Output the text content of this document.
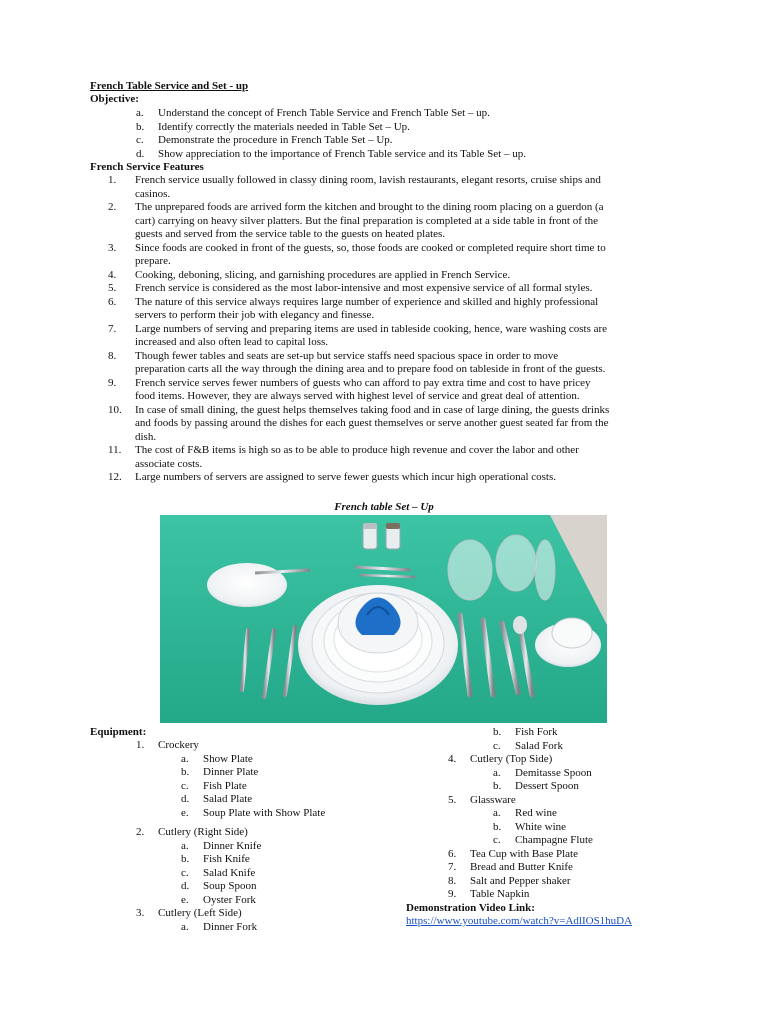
French Table Service and Set - up
Objective:
a.	Understand the concept of French Table Service and French Table Set – up.
b.	Identify correctly the materials needed in Table Set – Up.
c.	Demonstrate the procedure in French Table Set – Up.
d.	Show appreciation to the importance of French Table service and its Table Set – up.
French Service Features
1.	French service usually followed in classy dining room, lavish restaurants, elegant resorts, cruise ships and
casinos.
2.	The unprepared foods are arrived form the kitchen and brought to the dining room placing on a guerdon (a
cart) carrying on heavy silver platters. But the final preparation is completed at a side table in front of the
guests and served from the service table to the guests on heated plates.
3.	Since foods are cooked in front of the guests, so, those foods are cooked or completed require short time to
prepare.
4.	Cooking, deboning, slicing, and garnishing procedures are applied in French Service.
5.	French service is considered as the most labor-intensive and most expensive service of all formal styles.
6.	The nature of this service always requires large number of experience and skilled and highly professional
servers to perform their job with elegancy and finesse.
7.	Large numbers of serving and preparing items are used in tableside cooking, hence, ware washing costs are
increased and also often lead to capital loss.
8.	Though fewer tables and seats are set-up but service staffs need spacious space in order to move
preparation carts all the way through the dining area and to prepare food on tableside in front of the guests.
9.	French service serves fewer numbers of guests who can afford to pay extra time and cost to have pricey
food items. However, they are always served with highest level of service and great deal of attention.
10.	In case of small dining, the guest helps themselves taking food and in case of large dining, the guests drinks
and foods by passing around the dishes for each guest themselves or serve another guest seated far from the
dish.
11.	The cost of F&B items is high so as to be able to produce high revenue and cover the labor and other
associate costs.
12.	Large numbers of servers are assigned to serve fewer guests which incur high operational costs.
French table Set – Up
Equipment:
1.	Crockery
a.	Show Plate
b.	Dinner Plate
c.	Fish Plate
d.	Salad Plate
e.	Soup Plate with Show Plate
2.	Cutlery (Right Side)
a.	Dinner Knife
b.	Fish Knife
c.	Salad Knife
d.	Soup Spoon
e.	Oyster Fork
3.	Cutlery (Left Side)
a.	Dinner Fork
b.	Fish Fork
c.	Salad Fork
4.	Cutlery (Top Side)
a.	Demitasse Spoon
b.	Dessert Spoon
5.	Glassware
a.	Red wine
b.	White wine
c.	Champagne Flute
6.	Tea Cup with Base Plate
7.	Bread and Butter Knife
8.	Salt and Pepper shaker
9.	Table Napkin
Demonstration Video Link:
https://www.youtube.com/watch?v=AdlIOS1huDA
